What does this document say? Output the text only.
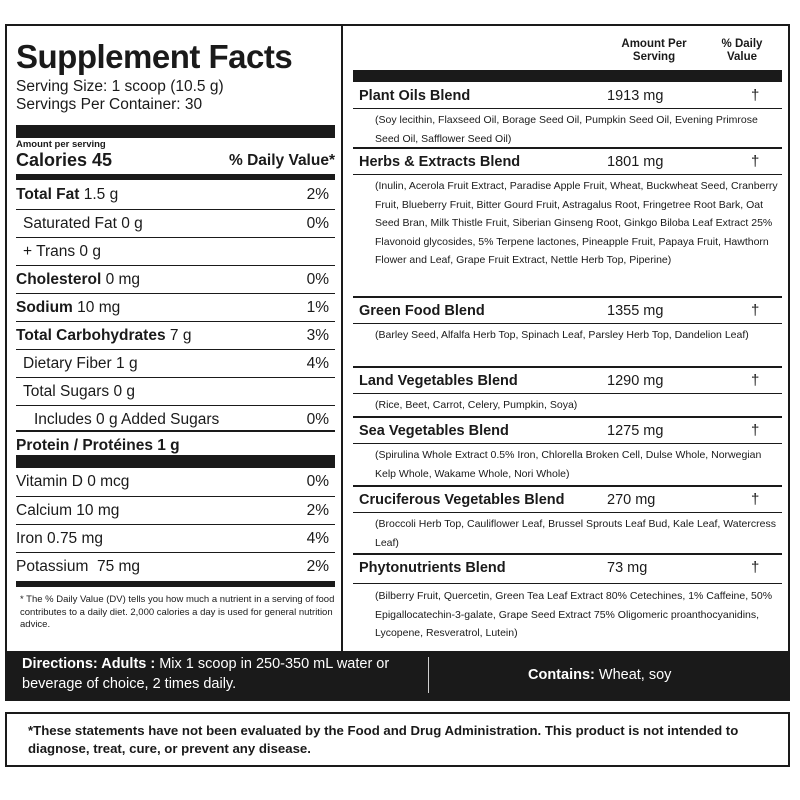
Supplement Facts
Serving Size: 1 scoop (10.5 g)
Servings Per Container: 30
Amount per serving
Calories 45	% Daily Value*
Total Fat 1.5 g	2%
Saturated Fat 0 g	0%
+ Trans 0 g
Cholesterol 0 mg	0%
Sodium 10 mg	1%
Total Carbohydrates 7 g	3%
Dietary Fiber 1 g	4%
Total Sugars 0 g
Includes 0 g Added Sugars	0%
Protein / Protéines 1 g
Vitamin D 0 mcg	0%
Calcium 10 mg	2%
Iron 0.75 mg	4%
Potassium  75 mg	2%
* The % Daily Value (DV) tells you how much a nutrient in a serving of food contributes to a daily diet. 2,000 calories a day is used for general nutrition advice.
Amount Per Serving
% Daily Value
Plant Oils Blend	1913 mg	†
(Soy lecithin, Flaxseed Oil, Borage Seed Oil, Pumpkin Seed Oil, Evening Primrose Seed Oil, Safflower Seed Oil)
Herbs & Extracts Blend	1801 mg	†
(Inulin, Acerola Fruit Extract, Paradise Apple Fruit, Wheat, Buckwheat Seed, Cranberry Fruit, Blueberry Fruit, Bitter Gourd Fruit, Astragalus Root, Fringetree Root Bark, Oat Seed Bran, Milk Thistle Fruit, Siberian Ginseng Root, Ginkgo Biloba Leaf Extract 25% Flavonoid glycosides, 5% Terpene lactones, Pineapple Fruit, Papaya Fruit, Hawthorn Flower and Leaf, Grape Fruit Extract, Nettle Herb Top, Piperine)
Green Food Blend	1355 mg	†
(Barley Seed, Alfalfa Herb Top, Spinach Leaf, Parsley Herb Top, Dandelion Leaf)
Land Vegetables Blend	1290 mg	†
(Rice, Beet, Carrot, Celery, Pumpkin, Soya)
Sea Vegetables Blend	1275 mg	†
(Spirulina Whole Extract 0.5% Iron, Chlorella Broken Cell, Dulse Whole, Norwegian Kelp Whole, Wakame Whole, Nori Whole)
Cruciferous Vegetables Blend	270 mg	†
(Broccoli Herb Top, Cauliflower Leaf, Brussel Sprouts Leaf Bud, Kale Leaf, Watercress Leaf)
Phytonutrients Blend	73 mg	†
(Bilberry Fruit, Quercetin, Green Tea Leaf Extract 80% Cetechines, 1% Caffeine, 50% Epigallocatechin-3-galate, Grape Seed Extract 75% Oligomeric proanthocyanidins, Lycopene, Resveratrol, Lutein)
Directions: Adults : Mix 1 scoop in 250-350 mL water or beverage of choice, 2 times daily.
Contains: Wheat, soy
*These statements have not been evaluated by the Food and Drug Administration. This product is not intended to diagnose, treat, cure, or prevent any disease.
